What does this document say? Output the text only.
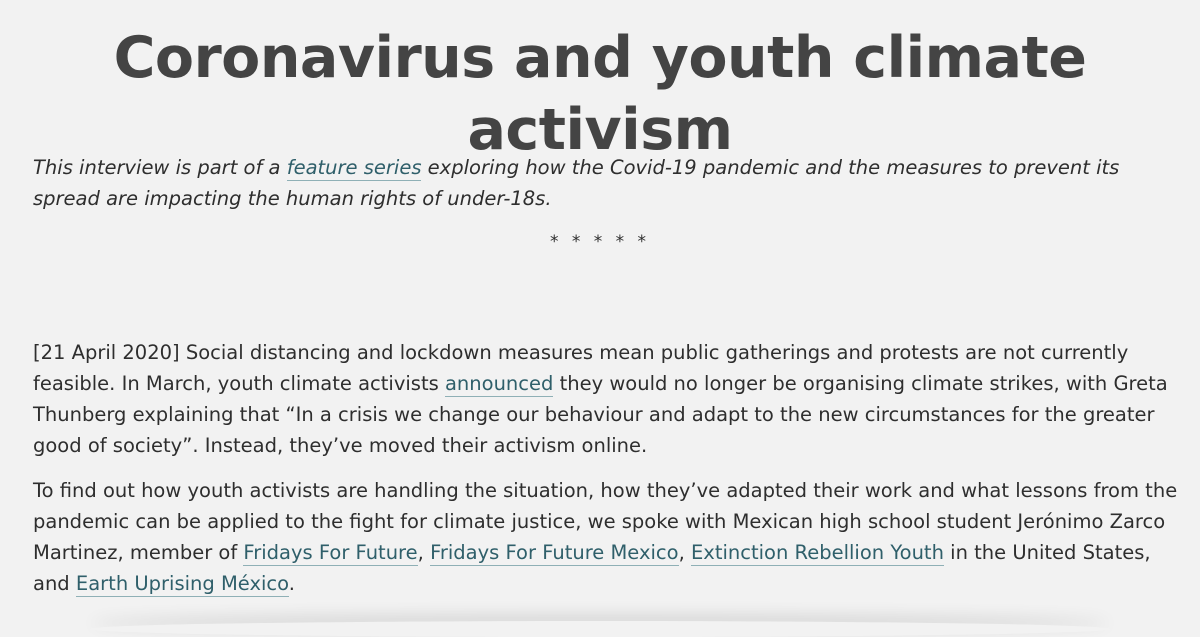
Coronavirus and youth climate activism

This interview is part of a feature series exploring how the Covid-19 pandemic and the measures to prevent its spread are impacting the human rights of under-18s.

* * * * *

[21 April 2020] Social distancing and lockdown measures mean public gatherings and protests are not currently feasible. In March, youth climate activists announced they would no longer be organising climate strikes, with Greta Thunberg explaining that “In a crisis we change our behaviour and adapt to the new circumstances for the greater good of society”. Instead, they’ve moved their activism online.

To find out how youth activists are handling the situation, how they’ve adapted their work and what lessons from the pandemic can be applied to the fight for climate justice, we spoke with Mexican high school student Jerónimo Zarco Martinez, member of Fridays For Future, Fridays For Future Mexico, Extinction Rebellion Youth in the United States, and Earth Uprising México.
